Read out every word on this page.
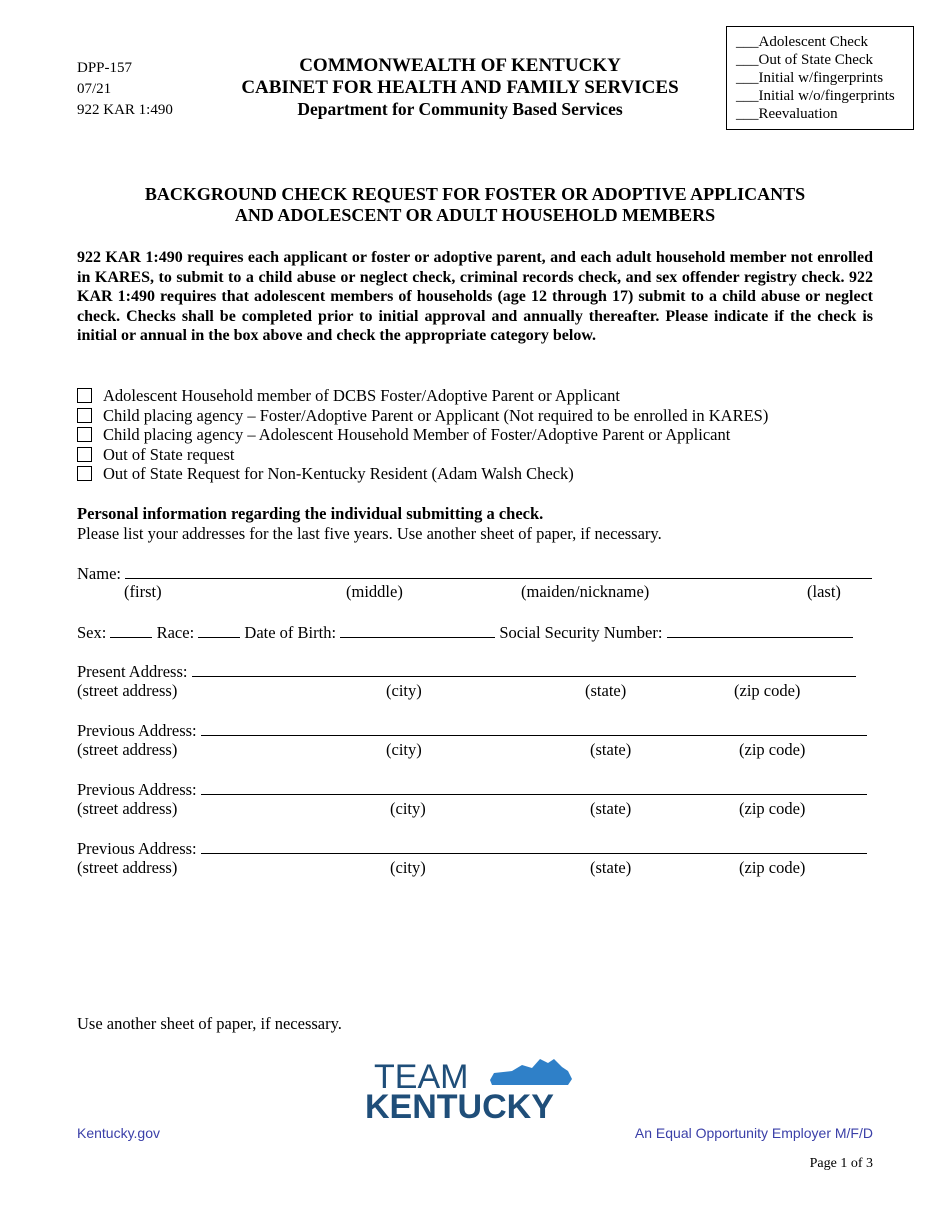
DPP-157
07/21
922 KAR 1:490
COMMONWEALTH OF KENTUCKY
CABINET FOR HEALTH AND FAMILY SERVICES
Department for Community Based Services
___Adolescent Check
___Out of State Check
___Initial w/fingerprints
___Initial w/o/fingerprints
___Reevaluation
BACKGROUND CHECK REQUEST FOR FOSTER OR ADOPTIVE APPLICANTS
AND ADOLESCENT OR ADULT HOUSEHOLD MEMBERS
922 KAR 1:490 requires each applicant or foster or adoptive parent, and each adult household member not enrolled in KARES, to submit to a child abuse or neglect check, criminal records check, and sex offender registry check. 922 KAR 1:490 requires that adolescent members of households (age 12 through 17) submit to a child abuse or neglect check. Checks shall be completed prior to initial approval and annually thereafter. Please indicate if the check is initial or annual in the box above and check the appropriate category below.
Adolescent Household member of DCBS Foster/Adoptive Parent or Applicant
Child placing agency – Foster/Adoptive Parent or Applicant (Not required to be enrolled in KARES)
Child placing agency – Adolescent Household Member of Foster/Adoptive Parent or Applicant
Out of State request
Out of State Request for Non-Kentucky Resident (Adam Walsh Check)
Personal information regarding the individual submitting a check.
Please list your addresses for the last five years. Use another sheet of paper, if necessary.
Name:
(first)	(middle)	(maiden/nickname)	(last)
Sex:	Race:	Date of Birth:	Social Security Number:
Present Address:
(street address)	(city)	(state)	(zip code)
Previous Address:
(street address)	(city)	(state)	(zip code)
Previous Address:
(street address)	(city)	(state)	(zip code)
Previous Address:
(street address)	(city)	(state)	(zip code)
Use another sheet of paper, if necessary.
TEAM
KENTUCKY
Kentucky.gov	An Equal Opportunity Employer M/F/D
Page 1 of 3
